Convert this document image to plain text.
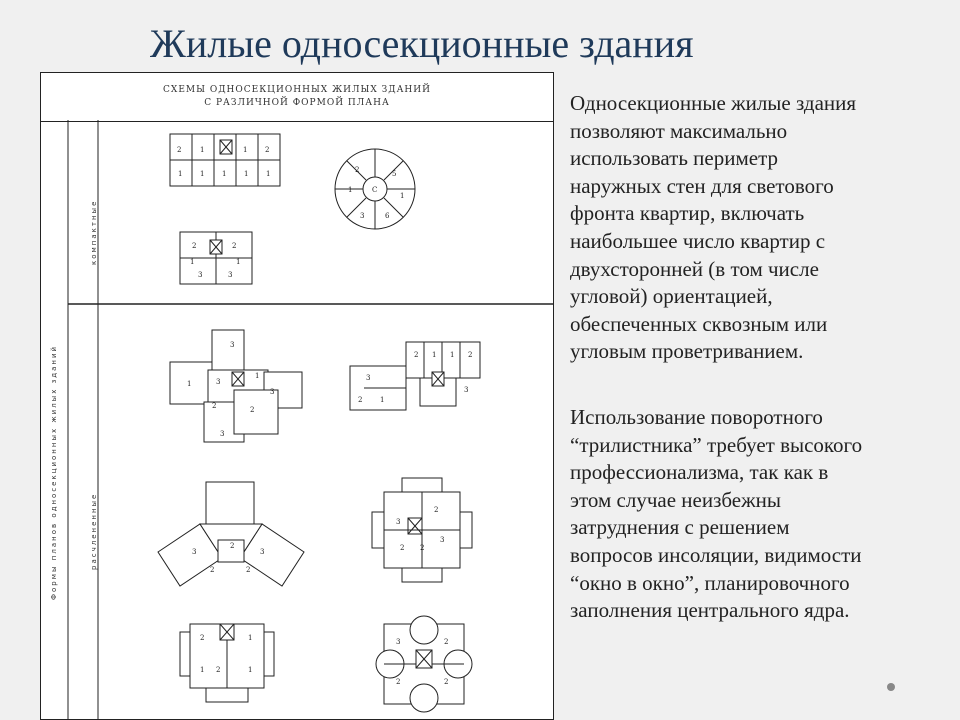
Жилые односекционные здания
СХЕМЫ ОДНОСЕКЦИОННЫХ ЖИЛЫХ ЗДАНИЙ
С РАЗЛИЧНОЙ ФОРМОЙ ПЛАНА
2	1	1	2
1	1	1	1	1	2	5
1
1
3	6
C
2	2
1	1
3	3
3
1
1
3
3
2	2
3
2 1 1 2
3
2	1
3
3
2
3
2	2
3
2
3
2 2
2	1
1	1
2
3	2
2	2
Формы планов односекционных жилых зданий
компактные
расчлененные

Односекционные жилые здания
позволяют максимально
использовать периметр
наружных стен для светового
фронта квартир, включать
наибольшее число квартир с
двухсторонней (в том числе
угловой) ориентацией,
обеспеченных сквозным или
угловым проветриванием.

Использование поворотного
“трилистника” требует высокого
профессионализма, так как в
этом случае неизбежны
затруднения с решением
вопросов инсоляции, видимости
“окно в окно”, планировочного
заполнения центрального ядра.
